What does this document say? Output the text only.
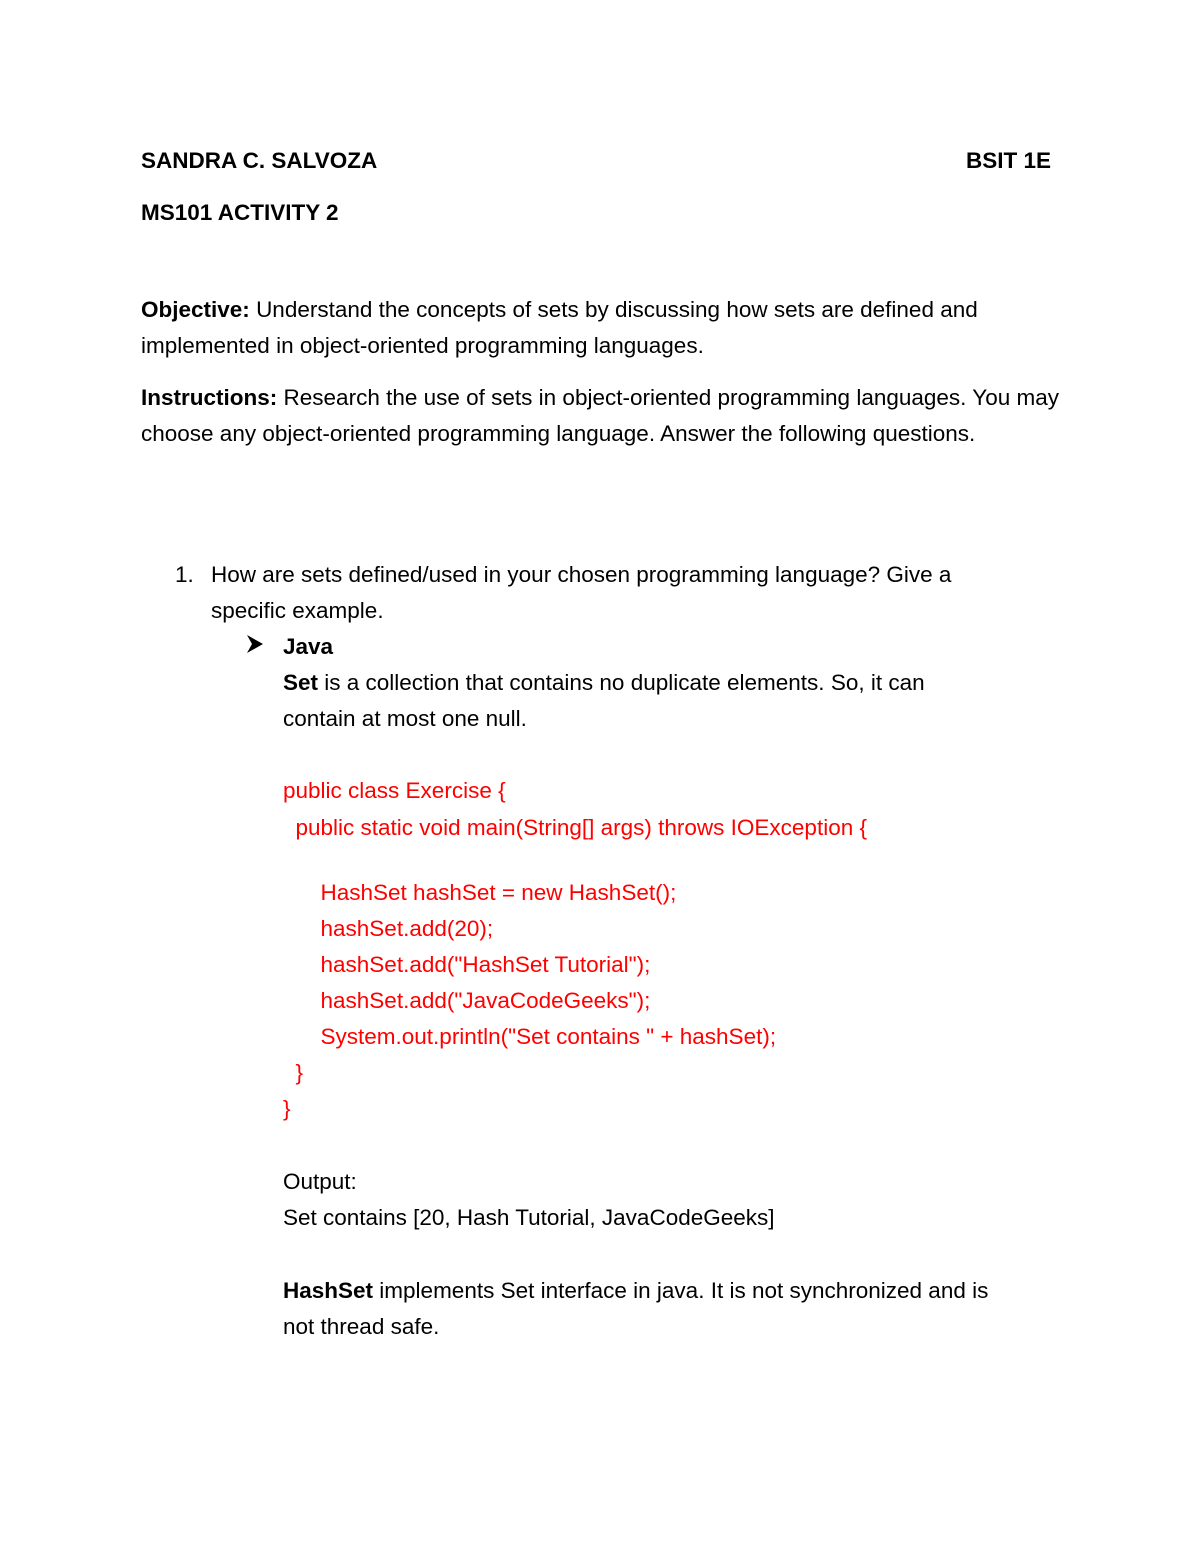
SANDRA C. SALVOZA	BSIT 1E
MS101 ACTIVITY 2
Objective: Understand the concepts of sets by discussing how sets are defined and implemented in object-oriented programming languages.
Instructions: Research the use of sets in object-oriented programming languages. You may choose any object-oriented programming language. Answer the following questions.
1. How are sets defined/used in your chosen programming language? Give a
specific example.
Java
Set is a collection that contains no duplicate elements. So, it can
contain at most one null.
public class Exercise {
public static void main(String[] args) throws IOException {
HashSet hashSet = new HashSet();
hashSet.add(20);
hashSet.add("HashSet Tutorial");
hashSet.add("JavaCodeGeeks");
System.out.println("Set contains " + hashSet);
}
}
Output:
Set contains [20, Hash Tutorial, JavaCodeGeeks]
HashSet implements Set interface in java. It is not synchronized and is
not thread safe.
